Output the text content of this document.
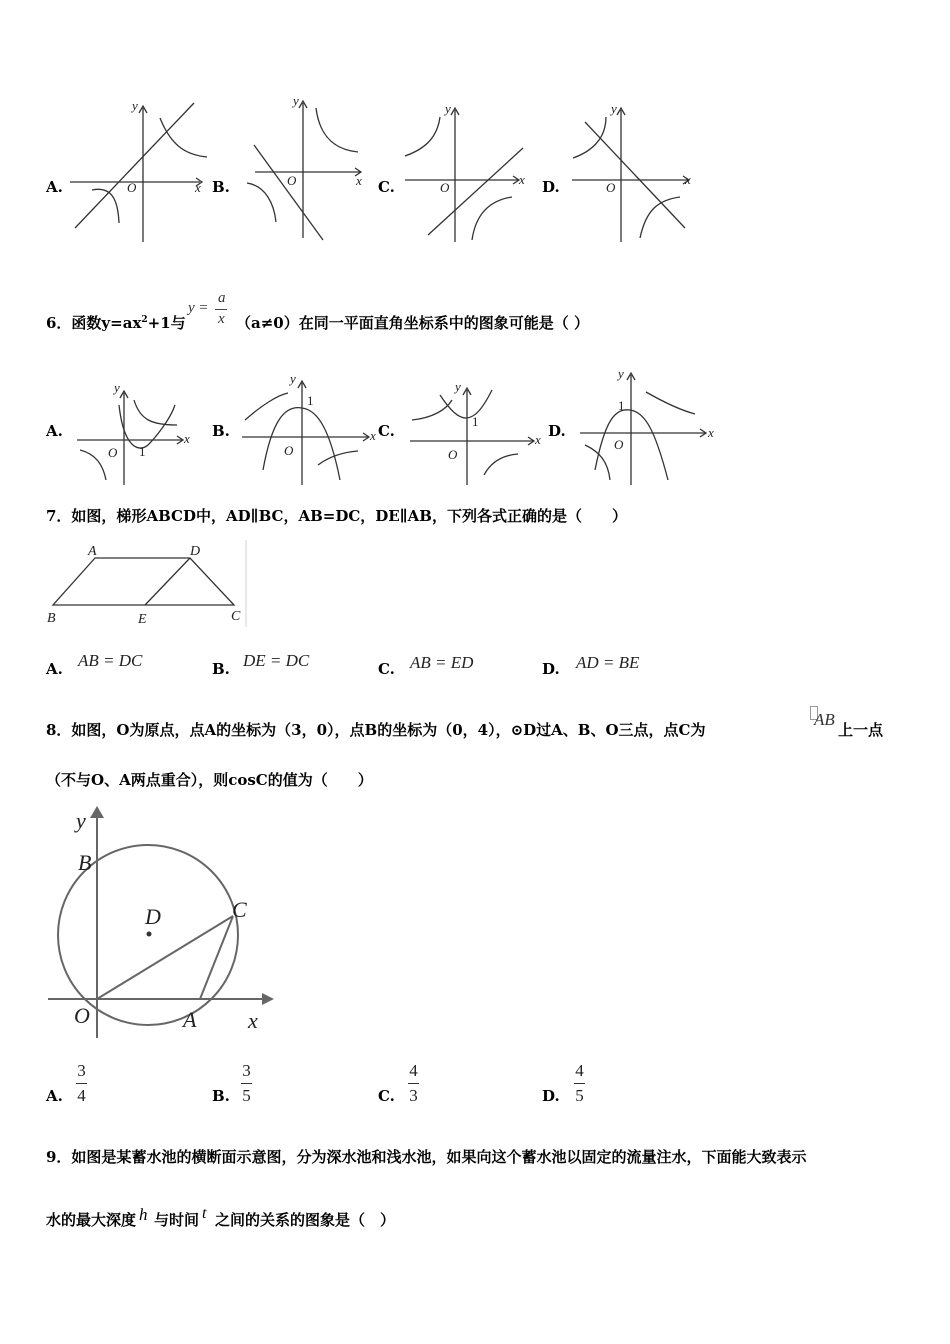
A.
y
O	x B.
y
O	x C.
y
O
x D.
y
O
x
6．函数$y=ax^2+1$与
y =
a
x （a≠0）在同一平面直角坐标系中的图象可能是（ ）
A.
y
O 1
x B.
y
O
1
x C.
y
O
1
x D.
y
O
1
x
7．如图，梯形ABCD中，AD∥BC，AB=DC，DE∥AB，下列各式正确的是（　　）
A	D
B	E	C
A. AB = DC	B. DE = DC	C. AB = ED	D. AD = BE
8．如图，O为原点，点A的坐标为（3，0），点B的坐标为（0，4），⊙D过A、B、O三点，点C为
AB
上一点
（不与O、A两点重合），则cosC的值为（　　）
y
B
D	C
O	A x
A.
3
4	B.
3
5	C.
4
3	D.
4
5
9．如图是某蓄水池的横断面示意图，分为深水池和浅水池，如果向这个蓄水池以固定的流量注水，下面能大致表示
水的最大深度 h 与时间 t 之间的关系的图象是（　）
